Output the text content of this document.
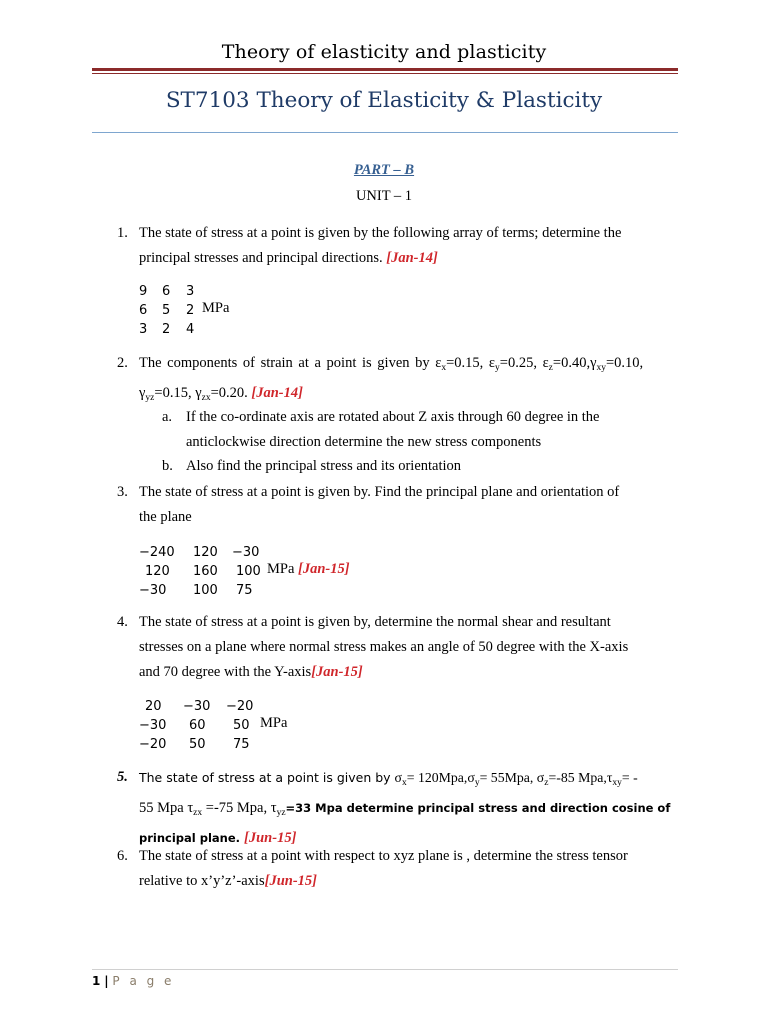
Theory of elasticity and plasticity
ST7103 Theory of Elasticity & Plasticity
PART – B
UNIT – 1
1. The state of stress at a point is given by the following array of terms; determine the
principal stresses and principal directions. [Jan-14]
9 6 3
6 5 2 MPa
3 2 4
2. The components of strain at a point is given by $\varepsilon_x=0.15$, $\varepsilon_y=0.25$, $\varepsilon_z=0.40,\gamma_{xy}=0.10$,
$\gamma_{yz}=0.15$, $\gamma_{zx}=0.20$. [Jan-14]
a. If the co-ordinate axis are rotated about Z axis through 60 degree in the
anticlockwise direction determine the new stress components
b. Also find the principal stress and its orientation
3. The state of stress at a point is given by. Find the principal plane and orientation of
the plane
−240 120 −30
120 160 100 MPa [Jan-15]
−30 100 75
4. The state of stress at a point is given by, determine the normal shear and resultant
stresses on a plane where normal stress makes an angle of 50 degree with the X-axis
and 70 degree with the Y-axis[Jan-15]
20 −30 −20
−30 60 50 MPa
−20 50 75
5. The state of stress at a point is given by $\sigma_x= 120Mpa,\sigma_y= 55Mpa$, $\sigma_z=-85$ $Mpa,\tau_{xy}=$ -
55 Mpa $\tau_{zx} =-75$ Mpa, $\tau_{yz}=33$ Mpa determine principal stress and direction cosine of
principal plane. [Jun-15]
6. The state of stress at a point with respect to xyz plane is , determine the stress tensor
relative to x’y’z’-axis[Jun-15]
1 | P a g e
